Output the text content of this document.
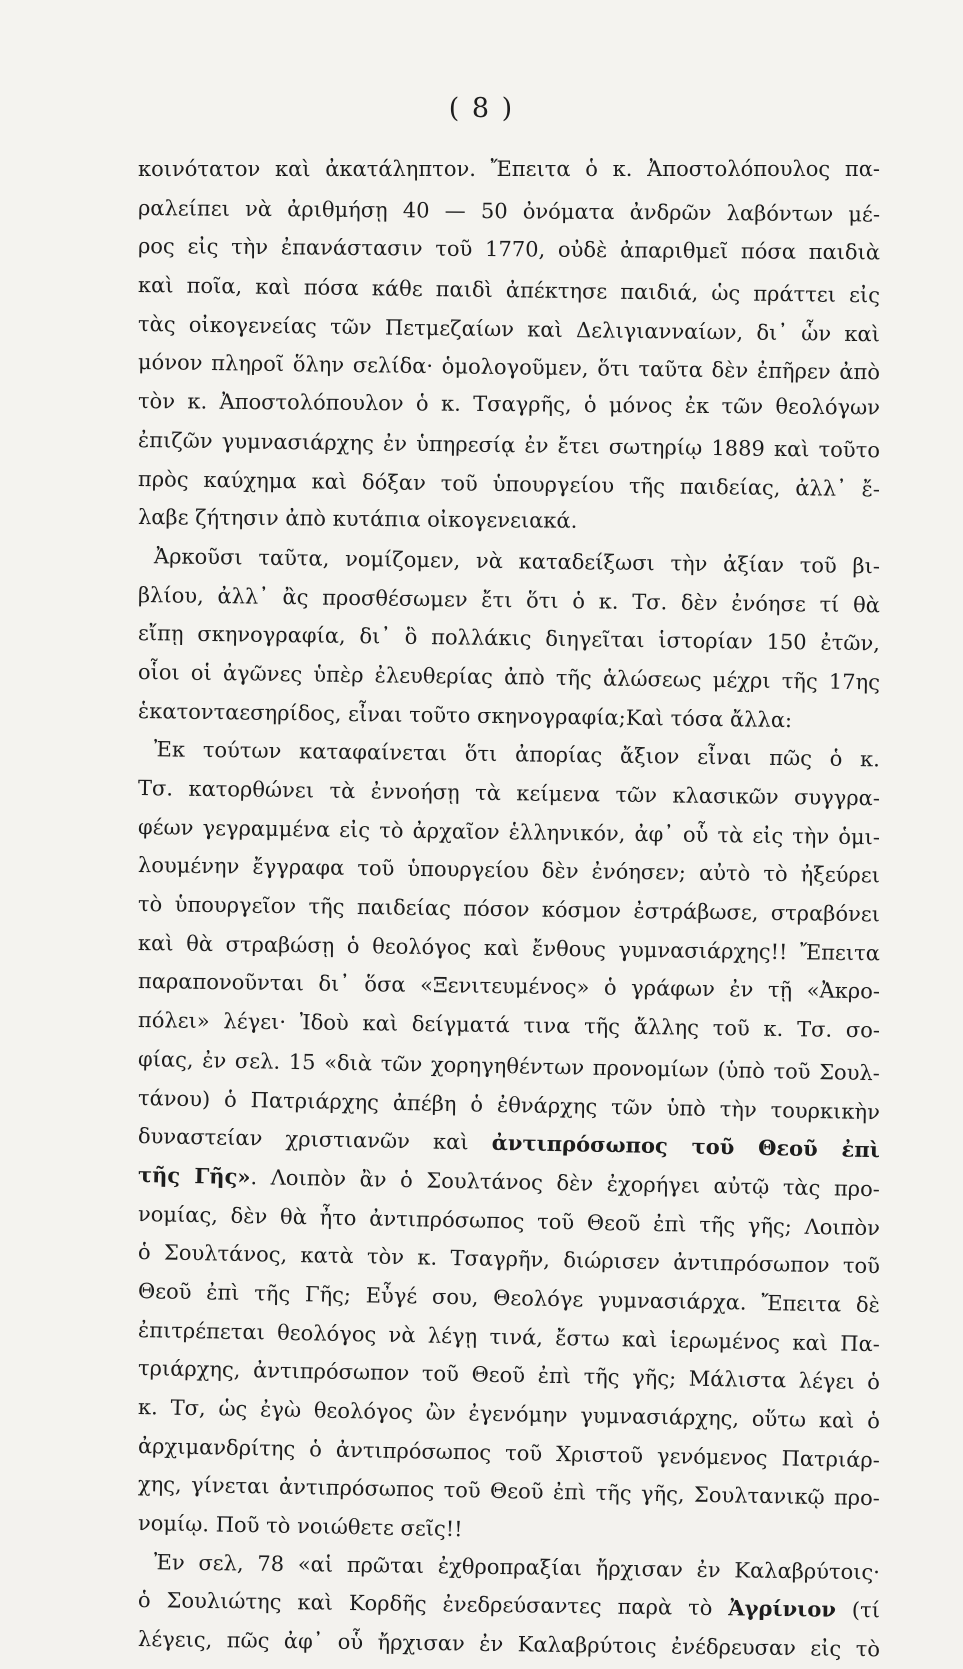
( 8 )
κοινότατον καὶ ἀκατάληπτον. Ἔπειτα ὁ κ. Ἀποστολόπουλος πα-
ραλείπει νὰ ἀριθμήσῃ 40 — 50 ὀνόματα ἀνδρῶν λαβόντων μέ-
ρος εἰς τὴν ἐπανάστασιν τοῦ 1770, οὐδὲ ἀπαριθμεῖ πόσα παιδιὰ
καὶ ποῖα, καὶ πόσα κάθε παιδὶ ἀπέκτησε παιδιά, ὡς πράττει εἰς
τὰς οἰκογενείας τῶν Πετμεζαίων καὶ Δελιγιανναίων, δι᾽ ὧν καὶ
μόνον πληροῖ ὅλην σελίδα· ὁμολογοῦμεν, ὅτι ταῦτα δὲν ἐπῆρεν ἀπὸ
τὸν κ. Ἀποστολόπουλον ὁ κ. Τσαγρῆς, ὁ μόνος ἐκ τῶν θεολόγων
ἐπιζῶν γυμνασιάρχης ἐν ὑπηρεσίᾳ ἐν ἔτει σωτηρίῳ 1889 καὶ τοῦτο
πρὸς καύχημα καὶ δόξαν τοῦ ὑπουργείου τῆς παιδείας, ἀλλ᾽ ἔ-
λαβε ζήτησιν ἀπὸ κυτάπια οἰκογενειακά.
Ἀρκοῦσι ταῦτα, νομίζομεν, νὰ καταδείξωσι τὴν ἀξίαν τοῦ βι-
βλίου, ἀλλ᾽ ἂς προσθέσωμεν ἔτι ὅτι ὁ κ. Τσ. δὲν ἐνόησε τί θὰ
εἴπῃ σκηνογραφία, δι᾽ ὃ πολλάκις διηγεῖται ἱστορίαν 150 ἐτῶν,
οἷοι οἱ ἀγῶνες ὑπὲρ ἐλευθερίας ἀπὸ τῆς ἁλώσεως μέχρι τῆς 17ης
ἑκατονταεσηρίδος, εἶναι τοῦτο σκηνογραφία;Καὶ τόσα ἄλλα:
Ἐκ τούτων καταφαίνεται ὅτι ἀπορίας ἄξιον εἶναι πῶς ὁ κ.
Τσ. κατορθώνει τὰ ἐννοήσῃ τὰ κείμενα τῶν κλασικῶν συγγρα-
φέων γεγραμμένα εἰς τὸ ἀρχαῖον ἑλληνικόν, ἀφ᾽ οὗ τὰ εἰς τὴν ὁμι-
λουμένην ἔγγραφα τοῦ ὑπουργείου δὲν ἐνόησεν; αὐτὸ τὸ ἠξεύρει
τὸ ὑπουργεῖον τῆς παιδείας πόσον κόσμον ἐστράβωσε, στραβόνει
καὶ θὰ στραβώσῃ ὁ θεολόγος καὶ ἔνθους γυμνασιάρχης!! Ἔπειτα
παραπονοῦνται δι᾽ ὅσα «Ξενιτευμένος» ὁ γράφων ἐν τῇ «Ἀκρο-
πόλει» λέγει· Ἰδοὺ καὶ δείγματά τινα τῆς ἄλλης τοῦ κ. Τσ. σο-
φίας, ἐν σελ. 15 «διὰ τῶν χορηγηθέντων προνομίων (ὑπὸ τοῦ Σουλ-
τάνου) ὁ Πατριάρχης ἀπέβη ὁ ἐθνάρχης τῶν ὑπὸ τὴν τουρκικὴν
δυναστείαν χριστιανῶν καὶ ἀντιπρόσωπος τοῦ Θεοῦ ἐπὶ
τῆς Γῆς». Λοιπὸν ἂν ὁ Σουλτάνος δὲν ἐχορήγει αὐτῷ τὰς προ-
νομίας, δὲν θὰ ἦτο ἀντιπρόσωπος τοῦ Θεοῦ ἐπὶ τῆς γῆς; Λοιπὸν
ὁ Σουλτάνος, κατὰ τὸν κ. Τσαγρῆν, διώρισεν ἀντιπρόσωπον τοῦ
Θεοῦ ἐπὶ τῆς Γῆς; Εὖγέ σου, Θεολόγε γυμνασιάρχα. Ἔπειτα δὲ
ἐπιτρέπεται θεολόγος νὰ λέγῃ τινά, ἔστω καὶ ἱερωμένος καὶ Πα-
τριάρχης, ἀντιπρόσωπον τοῦ Θεοῦ ἐπὶ τῆς γῆς; Μάλιστα λέγει ὁ
κ. Τσ, ὡς ἐγὼ θεολόγος ὢν ἐγενόμην γυμνασιάρχης, οὕτω καὶ ὁ
ἀρχιμανδρίτης ὁ ἀντιπρόσωπος τοῦ Χριστοῦ γενόμενος Πατριάρ-
χης, γίνεται ἀντιπρόσωπος τοῦ Θεοῦ ἐπὶ τῆς γῆς, Σουλτανικῷ προ-
νομίῳ. Ποῦ τὸ νοιώθετε σεῖς!!
Ἐν σελ, 78 «αἱ πρῶται ἐχθροπραξίαι ἤρχισαν ἐν Καλαβρύτοις·
ὁ Σουλιώτης καὶ Κορδῆς ἐνεδρεύσαντες παρὰ τὸ Ἀγρίνιον (τί
λέγεις, πῶς ἀφ᾽ οὗ ἤρχισαν ἐν Καλαβρύτοις ἐνέδρευσαν εἰς τὸ
